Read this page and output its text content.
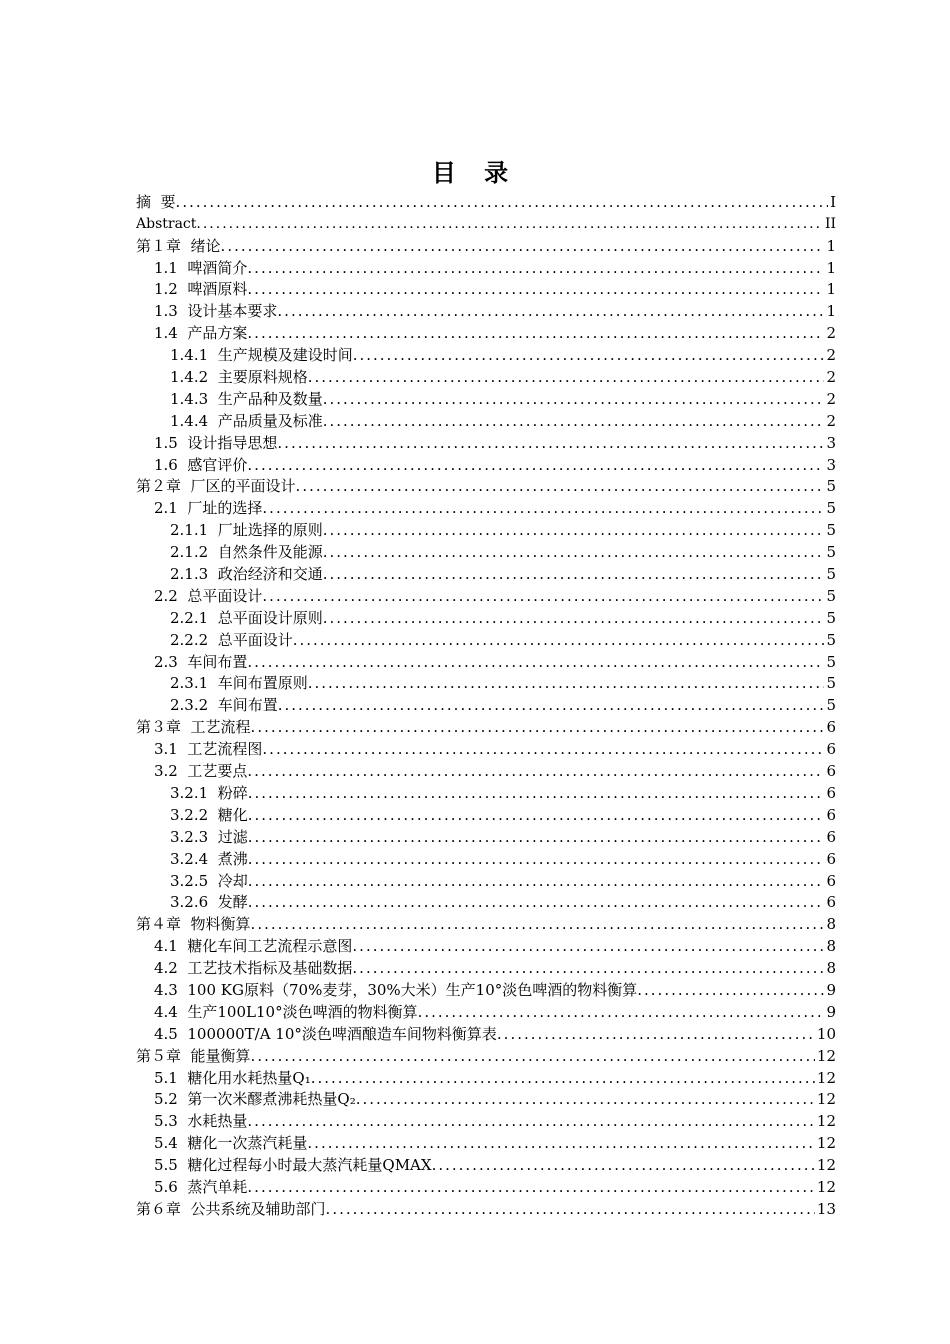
目 录
摘  要 .....	I
Abstract .....	II
第１章  绪论 .....	1
1.1  啤酒简介 .....	1
1.2  啤酒原料 .....	1
1.3  设计基本要求 .....	1
1.4  产品方案 .....	2
1.4.1  生产规模及建设时间 .....	2
1.4.2  主要原料规格 .....	2
1.4.3  生产品种及数量 .....	2
1.4.4  产品质量及标准 .....	2
1.5  设计指导思想 .....	3
1.6  感官评价 .....	3
第２章  厂区的平面设计 .....	5
2.1  厂址的选择 .....	5
2.1.1  厂址选择的原则 .....	5
2.1.2  自然条件及能源 .....	5
2.1.3  政治经济和交通 .....	5
2.2  总平面设计 .....	5
2.2.1  总平面设计原则 .....	5
2.2.2  总平面设计 .....	5
2.3  车间布置 .....	5
2.3.1  车间布置原则 .....	5
2.3.2  车间布置 .....	5
第３章  工艺流程 .....	6
3.1  工艺流程图 .....	6
3.2  工艺要点 .....	6
3.2.1  粉碎 .....	6
3.2.2  糖化 .....	6
3.2.3  过滤 .....	6
3.2.4  煮沸 .....	6
3.2.5  冷却 .....	6
3.2.6  发酵 .....	6
第４章  物料衡算 .....	8
4.1  糖化车间工艺流程示意图 .....	8
4.2  工艺技术指标及基础数据 .....	8
4.3  100 KG原料（70%麦芽，30%大米）生产10°淡色啤酒的物料衡算 .....	9
4.4  生产100L10°淡色啤酒的物料衡算 .....	9
4.5  100000T/A 10°淡色啤酒酿造车间物料衡算表 .....	10
第５章  能量衡算 .....	12
5.1  糖化用水耗热量Q₁ .....	12
5.2  第一次米醪煮沸耗热量Q₂ .....	12
5.3  水耗热量 .....	12
5.4  糖化一次蒸汽耗量 .....	12
5.5  糖化过程每小时最大蒸汽耗量QMAX .....	12
5.6  蒸汽单耗 .....	12
第６章  公共系统及辅助部门 .....	13
